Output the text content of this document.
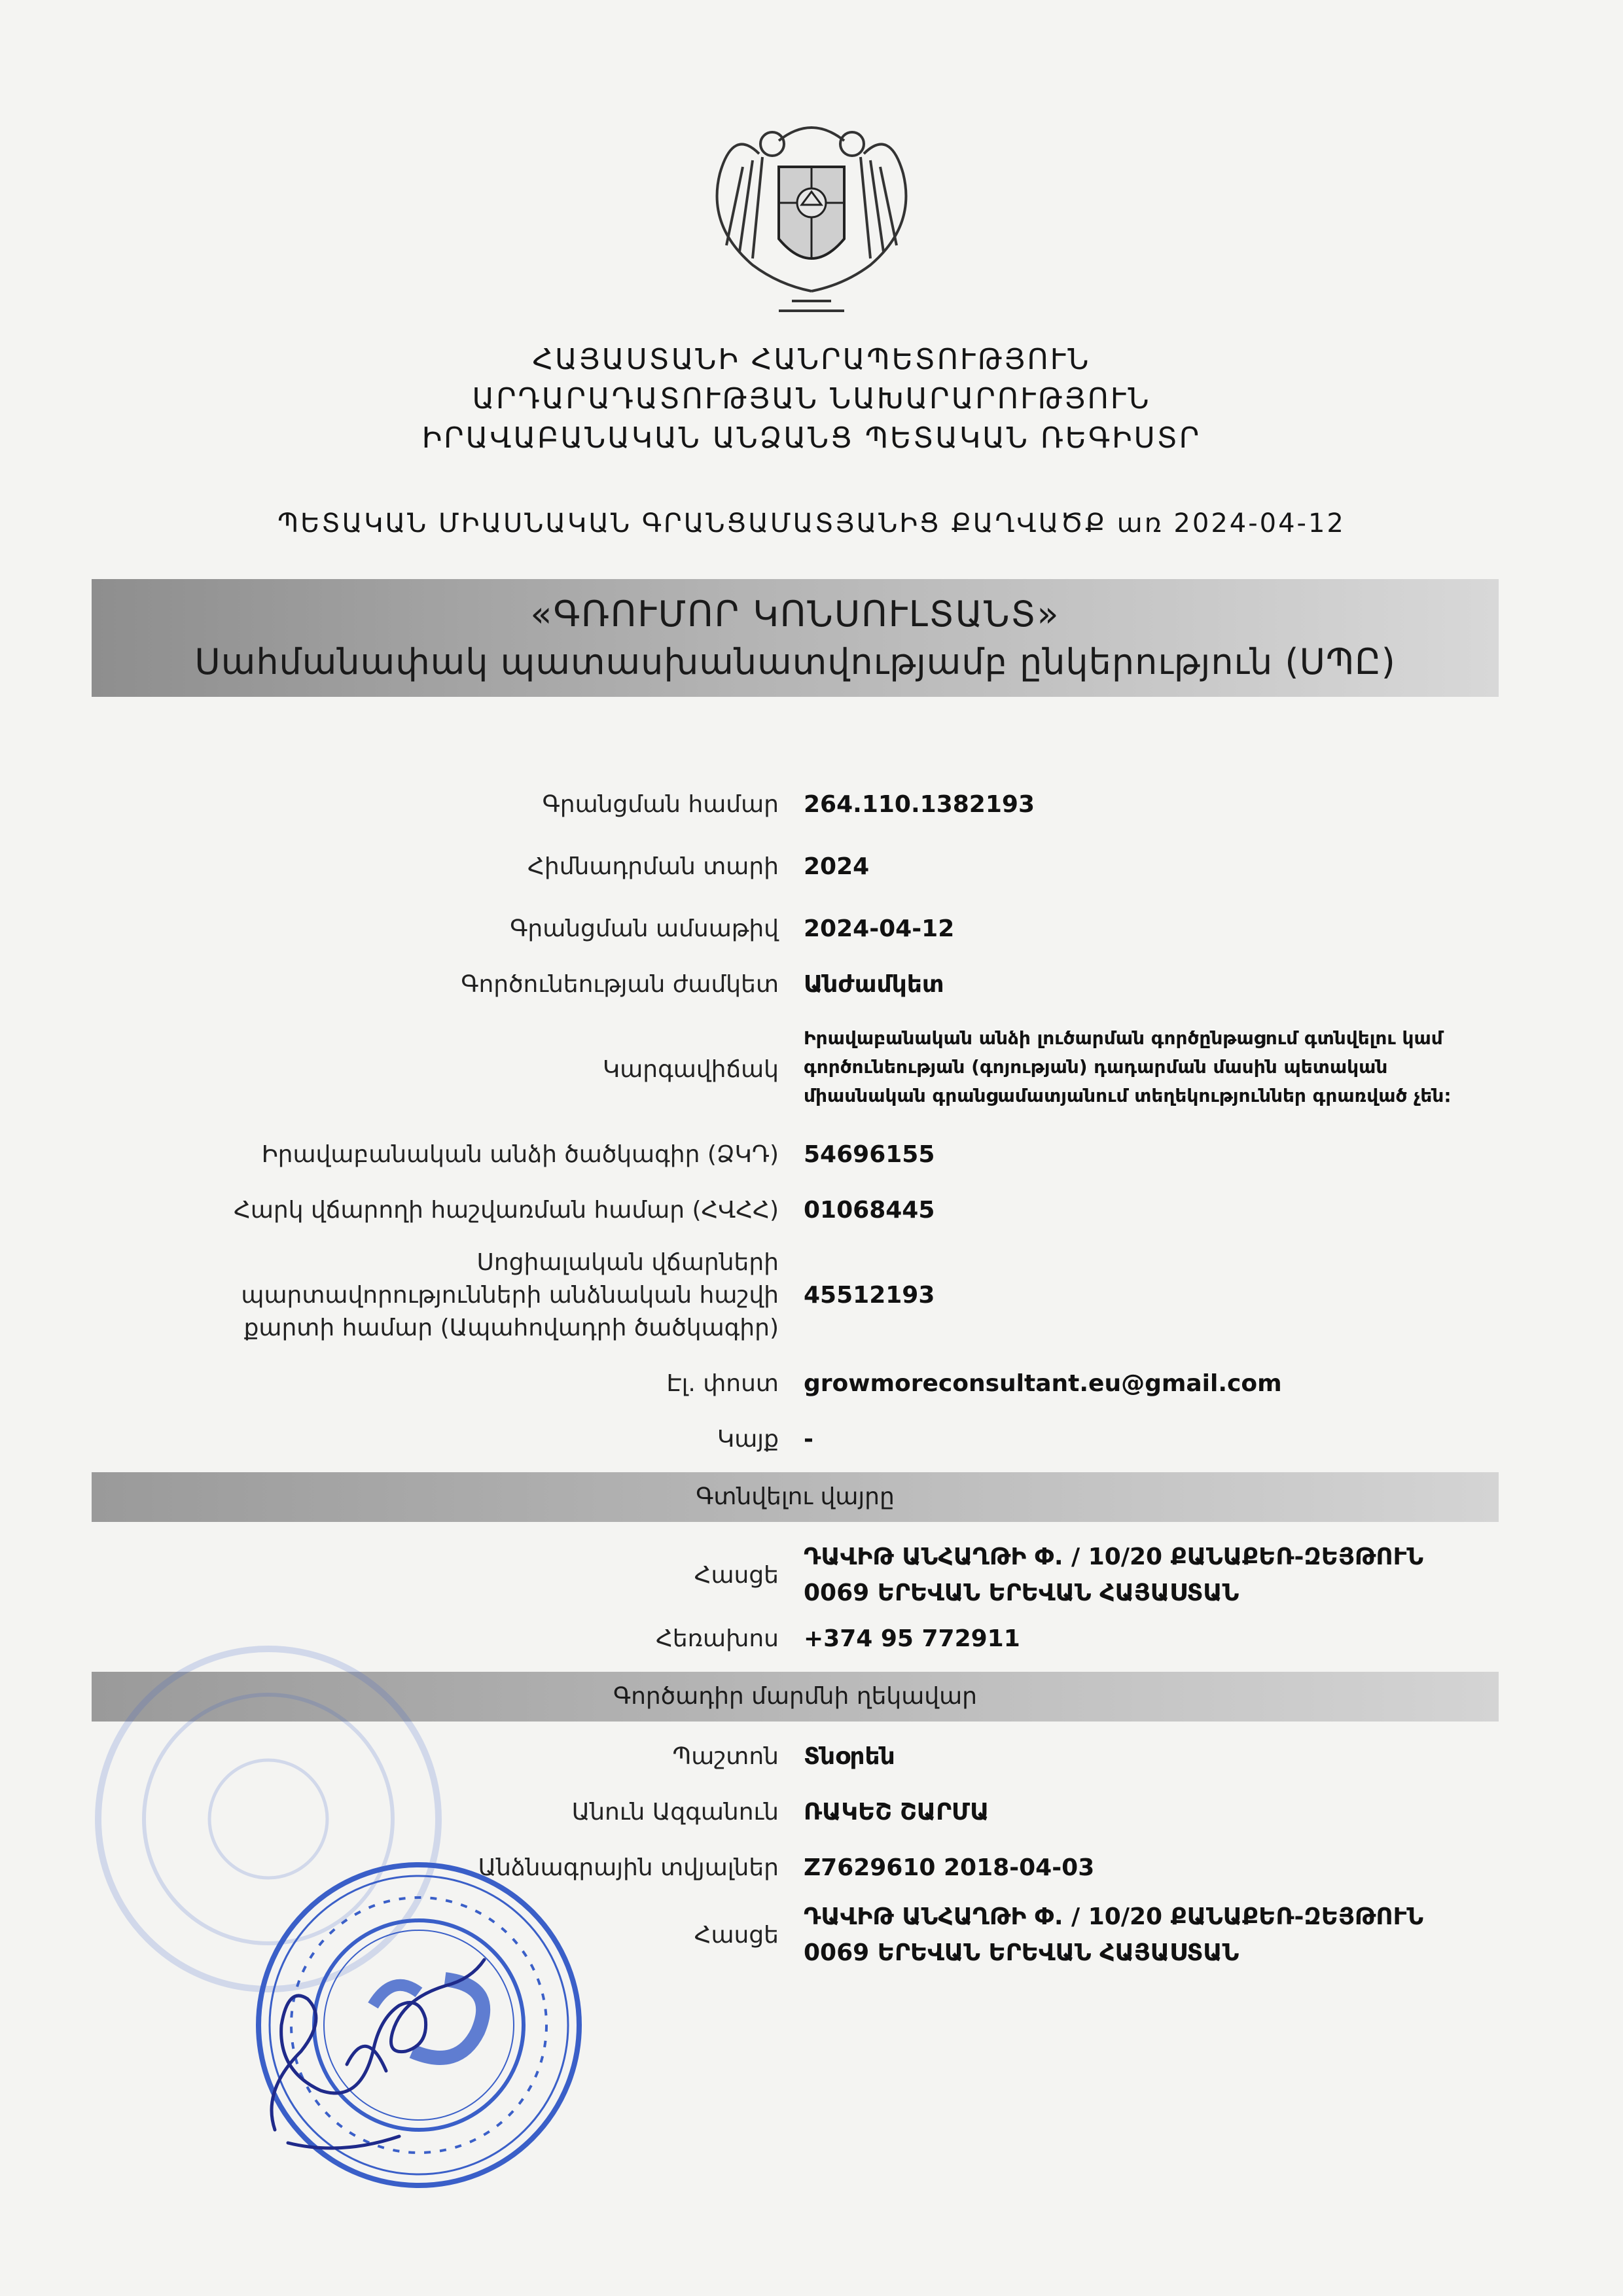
ՀԱՅԱՍՏԱՆԻ ՀԱՆՐԱՊԵՏՈՒԹՅՈՒՆ
ԱՐԴԱՐԱԴԱՏՈՒԹՅԱՆ ՆԱԽԱՐԱՐՈՒԹՅՈՒՆ
ԻՐԱՎԱԲԱՆԱԿԱՆ ԱՆՁԱՆՑ ՊԵՏԱԿԱՆ ՌԵԳԻՍՏՐ
ՊԵՏԱԿԱՆ ՄԻԱՍՆԱԿԱՆ ԳՐԱՆՑԱՄԱՏՅԱՆԻՑ ՔԱՂՎԱԾՔ առ 2024-04-12
«ԳՌՈՒՄՈՐ ԿՈՆՍՈՒԼՏԱՆՏ»
Սահմանափակ պատասխանատվությամբ ընկերություն (ՍՊԸ)
Գրանցման համար 264.110.1382193
Հիմնադրման տարի 2024
Գրանցման ամսաթիվ 2024-04-12
Գործունեության ժամկետ Անժամկետ
Կարգավիճակ
Իրավաբանական անձի լուծարման գործընթացում գտնվելու կամ գործունեության (գոյության) դադարման մասին պետական միասնական գրանցամատյանում տեղեկություններ գրառված չեն:
Իրավաբանական անձի ծածկագիր (ՁԿԴ) 54696155
Հարկ վճարողի հաշվառման համար (ՀՎՀՀ) 01068445
Սոցիալական վճարների պարտավորությունների անձնական հաշվի քարտի համար (Ապահովադրի ծածկագիր)
45512193
Էլ. փոստ growmoreconsultant.eu@gmail.com
Կայք -
Գտնվելու վայրը
Հասցե
ԴԱՎԻԹ ԱՆՀԱՂԹԻ Փ. / 10/20 ՔԱՆԱՔԵՌ-ԶԵՅԹՈՒՆ
0069 ԵՐԵՎԱՆ ԵՐԵՎԱՆ ՀԱՅԱՍՏԱՆ
Հեռախոս +374 95 772911
Գործադիր մարմնի ղեկավար
Պաշտոն Տնօրեն
Անուն Ազգանուն ՌԱԿԵՇ ՇԱՐՄԱ
Անձնագրային տվյալներ Z7629610 2018-04-03
Հասցե
ԴԱՎԻԹ ԱՆՀԱՂԹԻ Փ. / 10/20 ՔԱՆԱՔԵՌ-ԶԵՅԹՈՒՆ
0069 ԵՐԵՎԱՆ ԵՐԵՎԱՆ ՀԱՅԱՍՏԱՆ
